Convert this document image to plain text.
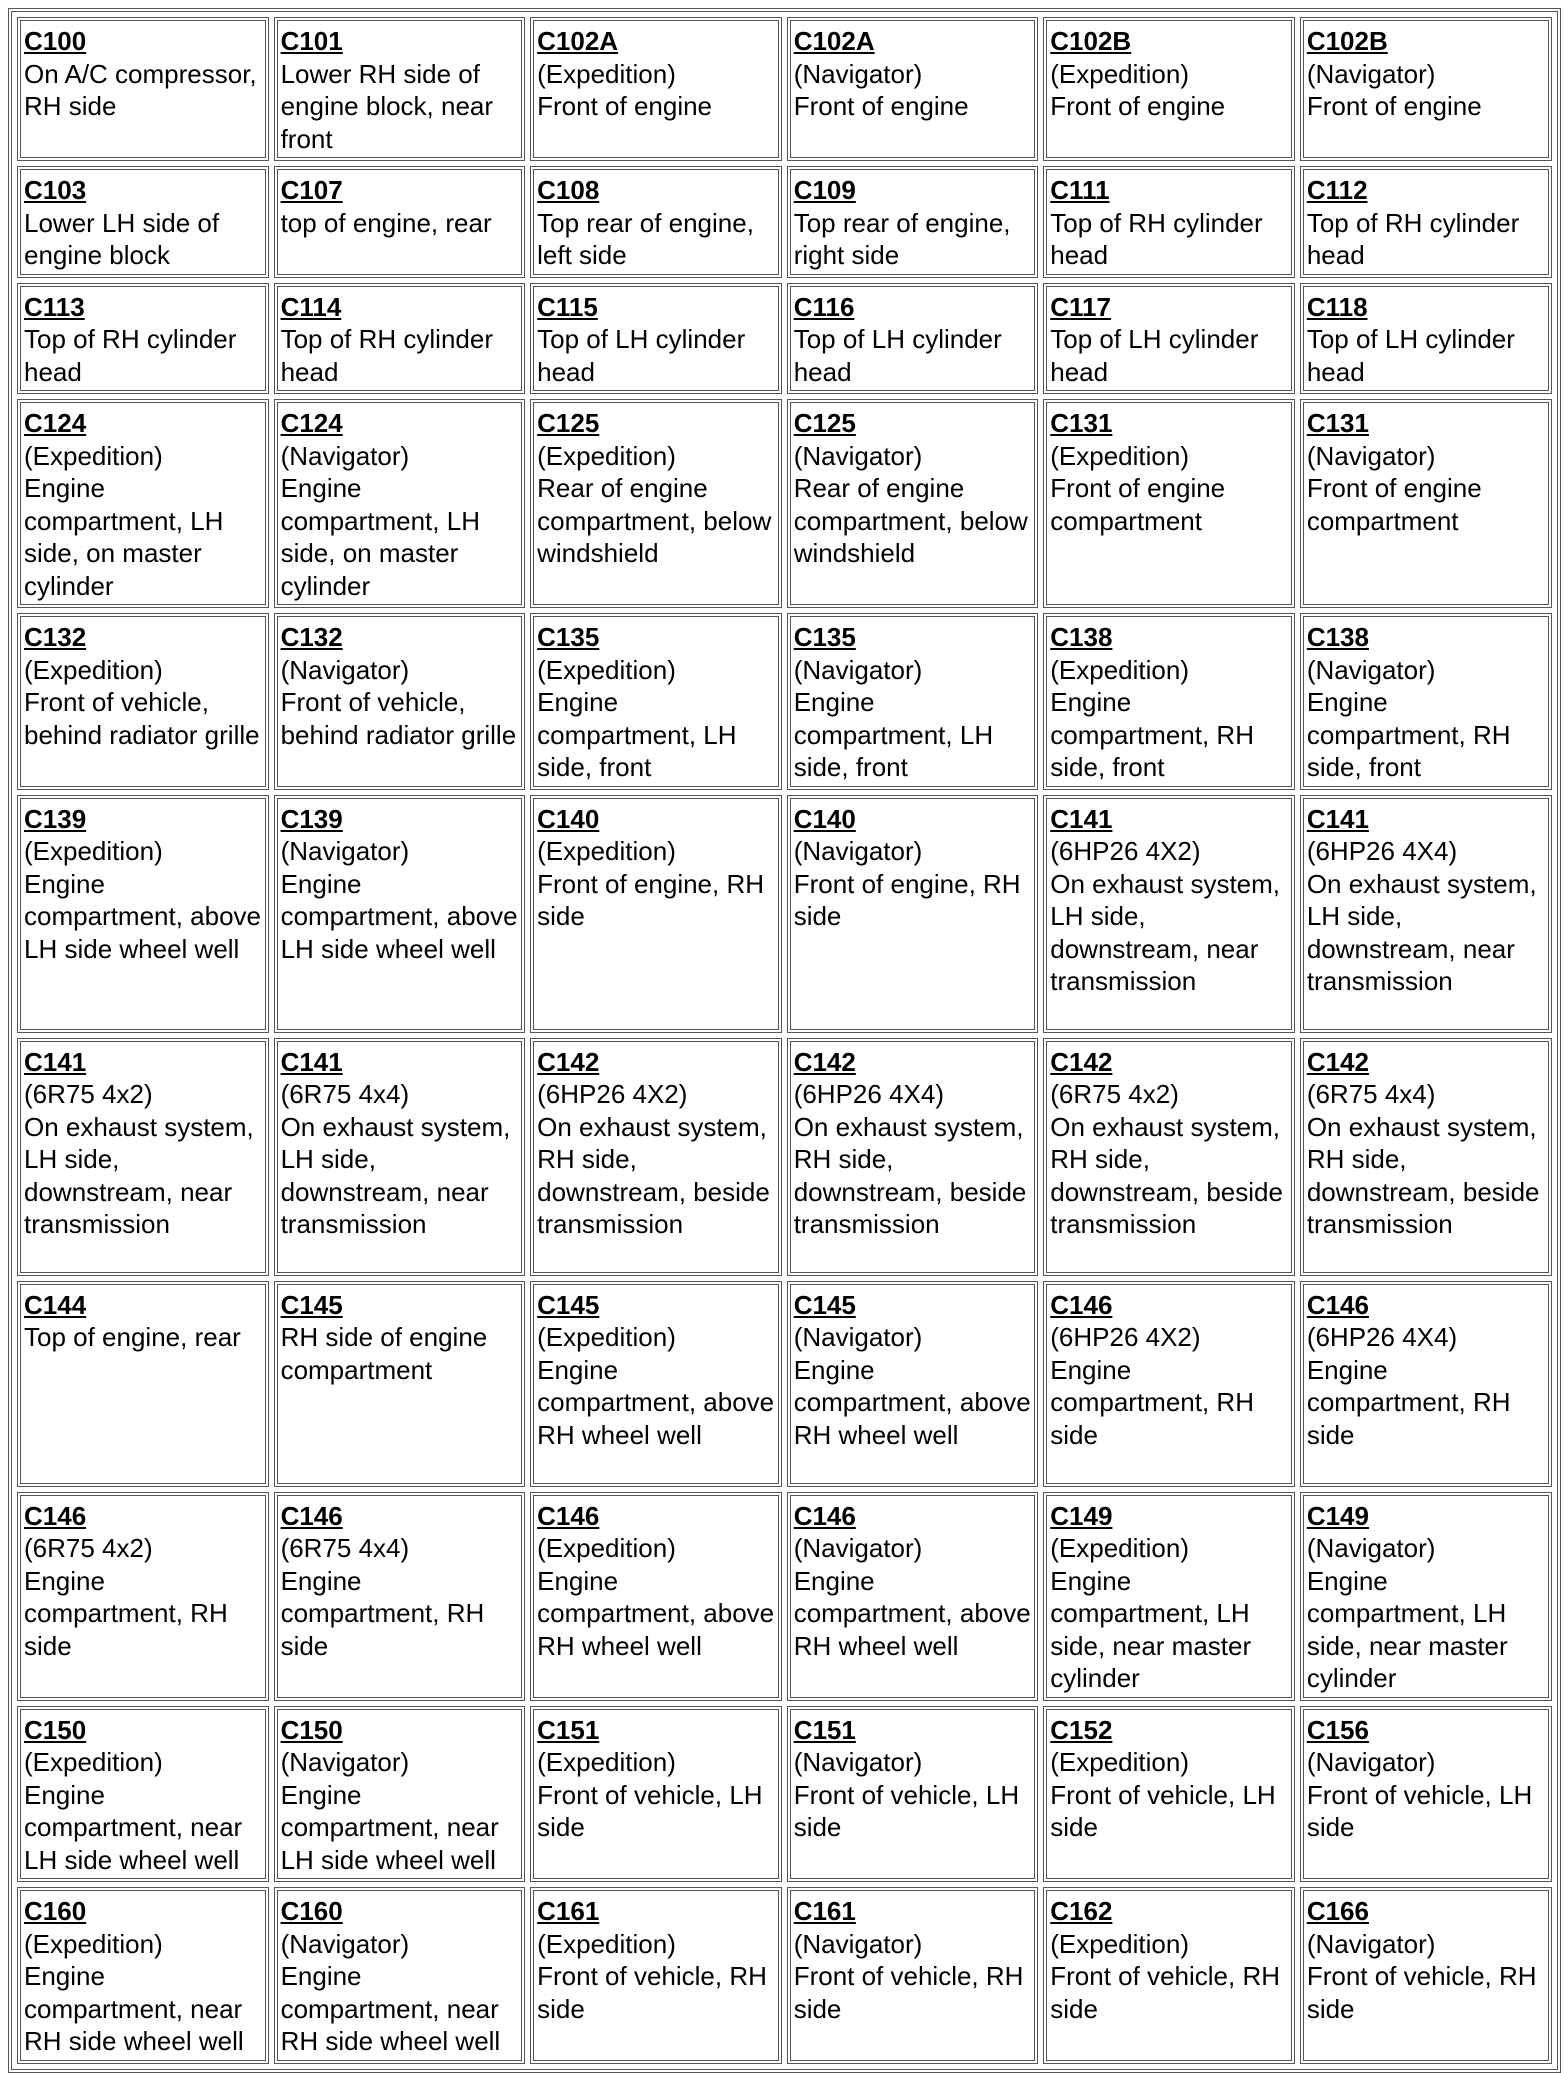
C100
On A/C compressor, RH side	C101
Lower RH side of engine block, near front	C102A
(Expedition)
Front of engine	C102A
(Navigator)
Front of engine	C102B
(Expedition)
Front of engine	C102B
(Navigator)
Front of engine

C103
Lower LH side of engine block	C107
top of engine, rear	C108
Top rear of engine, left side	C109
Top rear of engine, right side	C111
Top of RH cylinder head	C112
Top of RH cylinder head

C113
Top of RH cylinder head	C114
Top of RH cylinder head	C115
Top of LH cylinder head	C116
Top of LH cylinder head	C117
Top of LH cylinder head	C118
Top of LH cylinder head

C124
(Expedition)
Engine compartment, LH side, on master cylinder	C124
(Navigator)
Engine compartment, LH side, on master cylinder	C125
(Expedition)
Rear of engine compartment, below windshield	C125
(Navigator)
Rear of engine compartment, below windshield	C131
(Expedition)
Front of engine compartment	C131
(Navigator)
Front of engine compartment

C132
(Expedition)
Front of vehicle, behind radiator grille	C132
(Navigator)
Front of vehicle, behind radiator grille	C135
(Expedition)
Engine compartment, LH side, front	C135
(Navigator)
Engine compartment, LH side, front	C138
(Expedition)
Engine compartment, RH side, front	C138
(Navigator)
Engine compartment, RH side, front

C139
(Expedition)
Engine compartment, above LH side wheel well	C139
(Navigator)
Engine compartment, above LH side wheel well	C140
(Expedition)
Front of engine, RH side	C140
(Navigator)
Front of engine, RH side	C141
(6HP26 4X2)
On exhaust system, LH side, downstream, near transmission	C141
(6HP26 4X4)
On exhaust system, LH side, downstream, near transmission

C141
(6R75 4x2)
On exhaust system, LH side, downstream, near transmission	C141
(6R75 4x4)
On exhaust system, LH side, downstream, near transmission	C142
(6HP26 4X2)
On exhaust system, RH side, downstream, beside transmission	C142
(6HP26 4X4)
On exhaust system, RH side, downstream, beside transmission	C142
(6R75 4x2)
On exhaust system, RH side, downstream, beside transmission	C142
(6R75 4x4)
On exhaust system, RH side, downstream, beside transmission

C144
Top of engine, rear	C145
RH side of engine compartment	C145
(Expedition)
Engine compartment, above RH wheel well	C145
(Navigator)
Engine compartment, above RH wheel well	C146
(6HP26 4X2)
Engine compartment, RH side	C146
(6HP26 4X4)
Engine compartment, RH side

C146
(6R75 4x2)
Engine compartment, RH side	C146
(6R75 4x4)
Engine compartment, RH side	C146
(Expedition)
Engine compartment, above RH wheel well	C146
(Navigator)
Engine compartment, above RH wheel well	C149
(Expedition)
Engine compartment, LH side, near master cylinder	C149
(Navigator)
Engine compartment, LH side, near master cylinder

C150
(Expedition)
Engine compartment, near LH side wheel well	C150
(Navigator)
Engine compartment, near LH side wheel well	C151
(Expedition)
Front of vehicle, LH side	C151
(Navigator)
Front of vehicle, LH side	C152
(Expedition)
Front of vehicle, LH side	C156
(Navigator)
Front of vehicle, LH side

C160
(Expedition)
Engine compartment, near RH side wheel well	C160
(Navigator)
Engine compartment, near RH side wheel well	C161
(Expedition)
Front of vehicle, RH side	C161
(Navigator)
Front of vehicle, RH side	C162
(Expedition)
Front of vehicle, RH side	C166
(Navigator)
Front of vehicle, RH side
